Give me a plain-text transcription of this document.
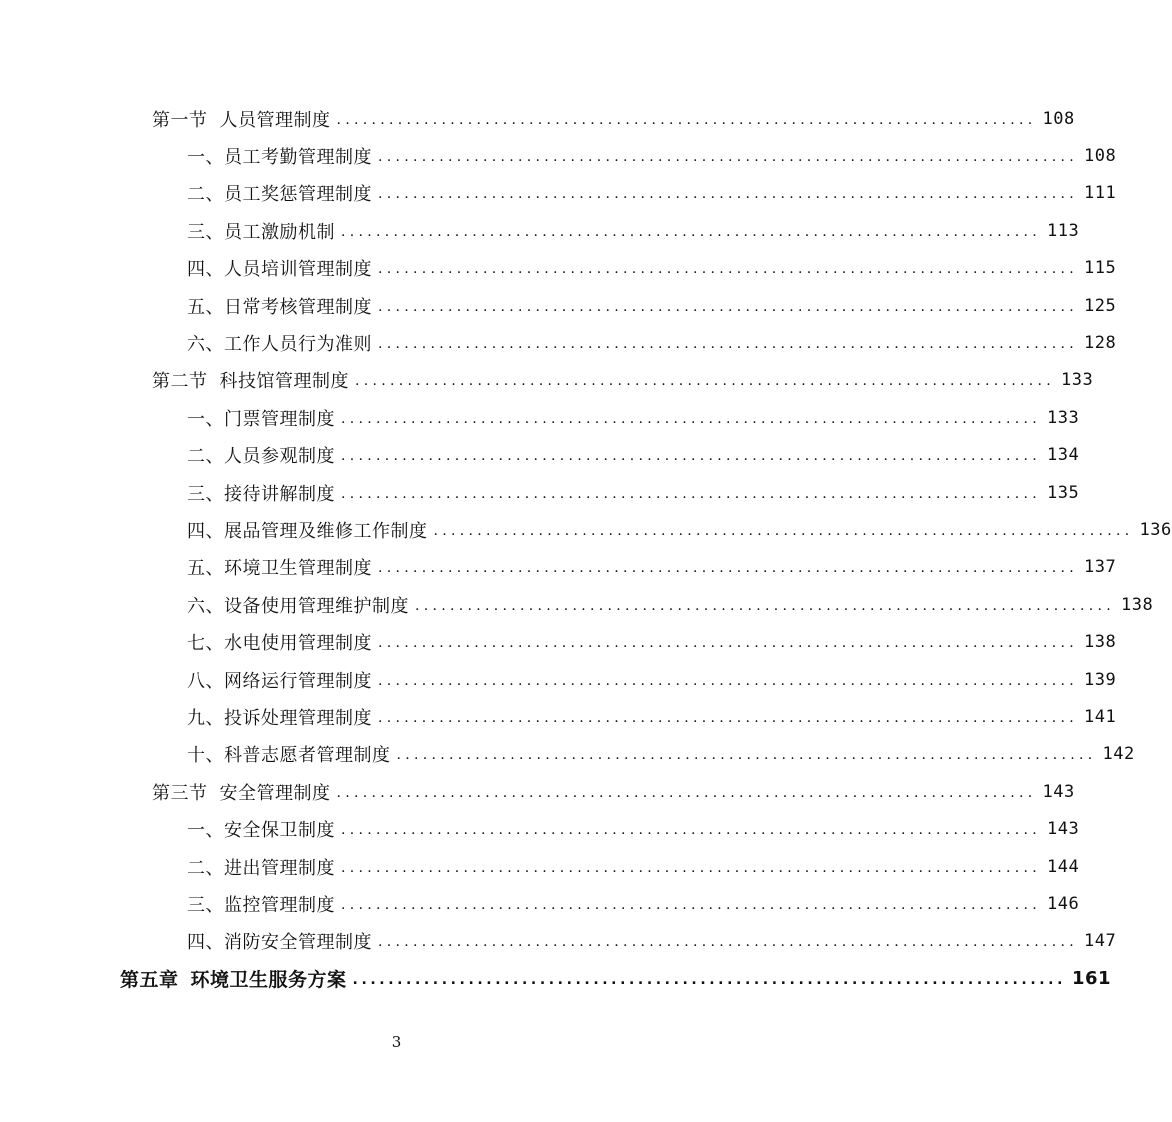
第一节 人员管理制度 ................................................................................ 108
一、员工考勤管理制度 ................................................................................ 108
二、员工奖惩管理制度 ................................................................................ 111
三、员工激励机制 ................................................................................ 113
四、人员培训管理制度 ................................................................................ 115
五、日常考核管理制度 ................................................................................ 125
六、工作人员行为准则 ................................................................................ 128
第二节 科技馆管理制度 ................................................................................ 133
一、门票管理制度 ................................................................................ 133
二、人员参观制度 ................................................................................ 134
三、接待讲解制度 ................................................................................ 135
四、展品管理及维修工作制度 ................................................................................ 136
五、环境卫生管理制度 ................................................................................ 137
六、设备使用管理维护制度 ................................................................................ 138
七、水电使用管理制度 ................................................................................ 138
八、网络运行管理制度 ................................................................................ 139
九、投诉处理管理制度 ................................................................................ 141
十、科普志愿者管理制度 ................................................................................ 142
第三节 安全管理制度 ................................................................................ 143
一、安全保卫制度 ................................................................................ 143
二、进出管理制度 ................................................................................ 144
三、监控管理制度 ................................................................................ 146
四、消防安全管理制度 ................................................................................ 147
第五章 环境卫生服务方案 ................................................................................ 161
3
